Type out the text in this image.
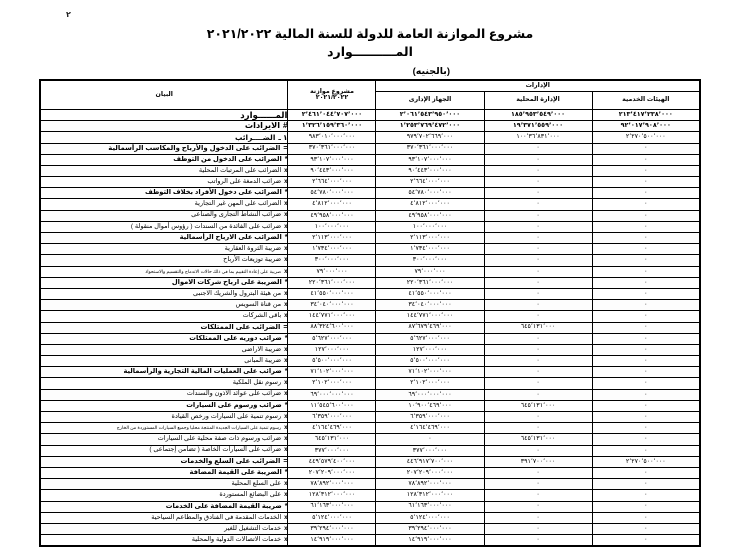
٢
مشروع الموازنة العامة للدولة للسنة المالية ٢٠٢١/٢٠٢٢
المــــــــــوارد
(بالجنيه)
الإدارات			مشروع موازنة
٢٠٢١/٢٠٢٢	البيان
الهيئات الخدمية	الإدارة المحلية	الجهاز الإدارى		
٢١٣٬٤١٧٬٢٣٨٬٠٠٠	١٨٥٬٩٥٣٬٥٤٩٬٠٠٠	٢٬٠٦١٬٥٤٣٬٩٥٠٬٠٠٠	٢٬٤٦١٬٠٤٤٬٧٠٧٬٠٠٠	المــــــوارد
٩٢٬٠١٧٬٩٠٨٬٠٠٠	١٩٬٣٧١٬٥٥٩٬٠٠٠	١٬٢٥٣٬٧٦٩٬٤٧٢٬٠٠٠	١٬٣٢٦٬١٥٩٬٣٦٠٬٠٠٠	#الايرادات
٢٬٢٧٠٬٥٠٠٬٠٠٠	١٠٠٬٣٦٬٨٣١٬٠٠٠	٩٧٩٬٧٠٢٬٦٦٩٬٠٠٠	٩٨٣٬٠١٠٬٠٠٠٬٠٠٠	١ ـالضــــرائب
٠	٠	٣٧٠٬٣٦١٬٠٠٠٬٠٠٠	٣٧٠٬٣٦١٬٠٠٠٬٠٠٠	=الضرائب على الدخول والأرباح والمكاسب الرأسمالية
٠	٠	٩٣٬١٠٧٬٠٠٠٬٠٠٠	٩٣٬١٠٧٬٠٠٠٬٠٠٠	*الضرائب على الدخول من التوظف
٠	٠	٩٠٬٤٤٣٬٠٠٠٬٠٠٠	٩٠٬٤٤٣٬٠٠٠٬٠٠٠	xالضرائب على المرتبات المحلية
٠	٠	٢٬٦٦٤٬٠٠٠٬٠٠٠	٢٬٦٦٤٬٠٠٠٬٠٠٠	xضرائب الدمغة على الرواتب
٠	٠	٥٤٬٧٨٠٬٠٠٠٬٠٠٠	٥٤٬٧٨٠٬٠٠٠٬٠٠٠	*الضرائب على دخول الأفراد بخلاف التوظف
٠	٠	٤٬٨١٢٬٠٠٠٬٠٠٠	٤٬٨١٢٬٠٠٠٬٠٠٠	xالضرائب على المهن غير التجارية
٠	٠	٤٩٬٩٥٨٬٠٠٠٬٠٠٠	٤٩٬٩٥٨٬٠٠٠٬٠٠٠	xضرائب النشاط التجارى والصناعى
٠	٠	١٠٠٬٠٠٠٬٠٠٠	١٠٠٬٠٠٠٬٠٠٠	xضرائب على الفائدة من السندات ( رؤوس أموال منقولة )
٠	٠	٢٬١١٣٬٠٠٠٬٠٠٠	٢٬١١٣٬٠٠٠٬٠٠٠	*الضرائب على الارباح الرأسمالية
٠	٠	١٬٧٣٤٬٠٠٠٬٠٠٠	١٬٧٣٤٬٠٠٠٬٠٠٠	xضريبة الثروة العقارية
٠	٠	٣٠٠٬٠٠٠٬٠٠٠	٣٠٠٬٠٠٠٬٠٠٠	xضريبة توزيعات الأرباح
٠	٠	٧٩٬٠٠٠٬٠٠٠	٧٩٬٠٠٠٬٠٠٠	xضريبة على إعادة التقييم بما فى ذلك حالات الاندماج والتقسيم والاستحواذ
٠	٠	٢٢٠٬٣٦١٬٠٠٠٬٠٠٠	٢٢٠٬٣٦١٬٠٠٠٬٠٠٠	*الضريبة على ارباح شركات الاموال
٠	٠	٤١٬٥٥٠٬٠٠٠٬٠٠٠	٤١٬٥٥٠٬٠٠٠٬٠٠٠	xمن هيئة البترول والشريك الاجنبى
٠	٠	٣٤٬٠٤٠٬٠٠٠٬٠٠٠	٣٤٬٠٤٠٬٠٠٠٬٠٠٠	xمن قناة السويس
٠	٠	١٤٤٬٧٧١٬٠٠٠٬٠٠٠	١٤٤٬٧٧١٬٠٠٠٬٠٠٠	xباقى الشركات
٠	٦٤٥٬١٣١٬٠٠٠	٨٧٬٦٧٩٬٤٦٩٬٠٠٠	٨٨٬٣٢٤٬٦٠٠٬٠٠٠	=الضرائب على الممتلكات
٠	٠	٥٬٦٢٧٬٠٠٠٬٠٠٠	٥٬٦٢٧٬٠٠٠٬٠٠٠	*ضرائب دوريه على الممتلكات
٠	٠	١٢٧٬٠٠٠٬٠٠٠	١٢٧٬٠٠٠٬٠٠٠	xضريبة الاراضى
٠	٠	٥٬٥٠٠٬٠٠٠٬٠٠٠	٥٬٥٠٠٬٠٠٠٬٠٠٠	xضريبة المبانى
٠	٠	٧١٬١٠٢٬٠٠٠٬٠٠٠	٧١٬١٠٢٬٠٠٠٬٠٠٠	*ضرائب على العمليات المالية التجارية والرأسمالية
٠	٠	٢٬١٠٢٬٠٠٠٬٠٠٠	٢٬١٠٢٬٠٠٠٬٠٠٠	xرسوم نقل الملكية
٠	٠	٦٩٬٠٠٠٬٠٠٠٬٠٠٠	٦٩٬٠٠٠٬٠٠٠٬٠٠٠	xضرائب على عوائد الاذون والسندات
٠	٦٤٥٬١٣١٬٠٠٠	١٠٬٩٠٠٬٤٦٩٬٠٠٠	١١٬٥٤٥٬٦٠٠٬٠٠٠	*ضرائب ورسوم على السيارات
٠	٠	٦٬٣٥٩٬٠٠٠٬٠٠٠	٦٬٣٥٩٬٠٠٠٬٠٠٠	xرسوم تنمية على السيارات ورخص القيادة
٠	٠	٤٬١٦٤٬٤٦٩٬٠٠٠	٤٬١٦٤٬٤٦٩٬٠٠٠	xرسوم تنمية على السيارات الجديدة المنتجة محليا وجميع السيارات المستوردة من الخارج
٠	٦٤٥٬١٣١٬٠٠٠	٠	٦٤٥٬١٣١٬٠٠٠	xضرائب ورسوم ذات صفة محلية على السيارات
٠	٠	٣٧٧٬٠٠٠٬٠٠٠	٣٧٧٬٠٠٠٬٠٠٠	xضرائب على السيارات الخاصة ( تضامن إجتماعى )
٢٬٢٧٠٬٥٠٠٬٠٠٠	٣٩١٬٧٠٠٬٠٠٠	٤٤٦٬٩١٧٬٧٠٠٬٠٠٠	٤٤٩٬٥٧٩٬٤٠٠٬٠٠٠	=الضرائب على السلع والخدمات
٠	٠	٢٠٧٬٢٠٩٬٠٠٠٬٠٠٠	٢٠٧٬٢٠٩٬٠٠٠٬٠٠٠	*الضريبة على القيمة المضافة
٠	٠	٧٨٬٨٩٢٬٠٠٠٬٠٠٠	٧٨٬٨٩٢٬٠٠٠٬٠٠٠	xعلى السلع المحلية
٠	٠	١٢٨٬٣١٢٬٠٠٠٬٠٠٠	١٢٨٬٣١٢٬٠٠٠٬٠٠٠	xعلى البضائع المستوردة
٠	٠	٦١٬١٦٣٬٠٠٠٬٠٠٠	٦١٬١٦٣٬٠٠٠٬٠٠٠	*ضريبة القيمة المضافة على الخدمات
٠	٠	٥٬١٢٤٬٠٠٠٬٠٠٠	٥٬١٢٤٬٠٠٠٬٠٠٠	xالخدمات المقدمة فى الفنادق والمطاعم السياحية
٠	٠	٣٩٬٢٩٤٬٠٠٠٬٠٠٠	٣٩٬٢٩٤٬٠٠٠٬٠٠٠	xخدمات التشغيل للغير
٠	٠	١٤٬٩١٩٬٠٠٠٬٠٠٠	١٤٬٩١٩٬٠٠٠٬٠٠٠	xخدمات الاتصالات الدولية والمحلية
